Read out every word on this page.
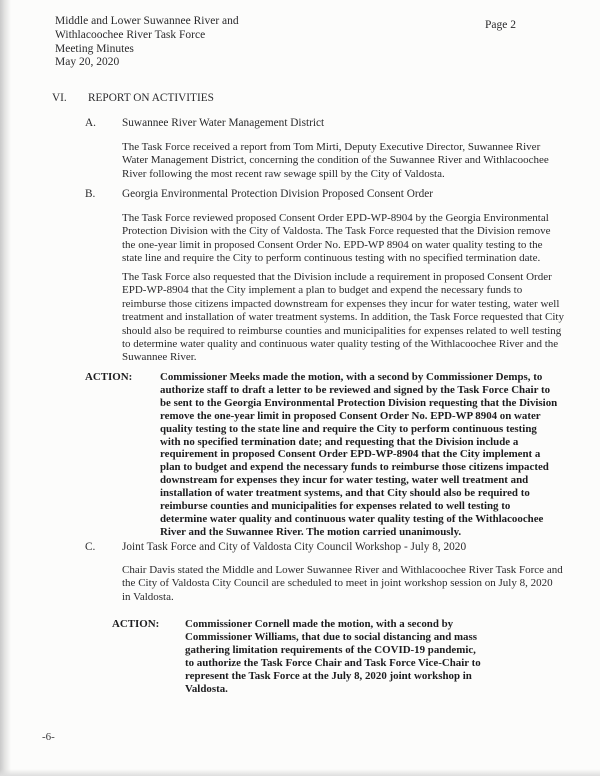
Middle and Lower Suwannee River and
Withlacoochee River Task Force
Meeting Minutes
May 20, 2020
Page 2
VI.	REPORT ON ACTIVITIES
A.	Suwannee River Water Management District

The Task Force received a report from Tom Mirti, Deputy Executive Director, Suwannee River Water Management District, concerning the condition of the Suwannee River and Withlacoochee River following the most recent raw sewage spill by the City of Valdosta.

B.	Georgia Environmental Protection Division Proposed Consent Order

The Task Force reviewed proposed Consent Order EPD-WP-8904 by the Georgia Environmental Protection Division with the City of Valdosta. The Task Force requested that the Division remove the one-year limit in proposed Consent Order No. EPD-WP 8904 on water quality testing to the state line and require the City to perform continuous testing with no specified termination date.

The Task Force also requested that the Division include a requirement in proposed Consent Order EPD-WP-8904 that the City implement a plan to budget and expend the necessary funds to reimburse those citizens impacted downstream for expenses they incur for water testing, water well treatment and installation of water treatment systems. In addition, the Task Force requested that City should also be required to reimburse counties and municipalities for expenses related to well testing to determine water quality and continuous water quality testing of the Withlacoochee River and the Suwannee River.

ACTION:	Commissioner Meeks made the motion, with a second by Commissioner Demps, to authorize staff to draft a letter to be reviewed and signed by the Task Force Chair to be sent to the Georgia Environmental Protection Division requesting that the Division remove the one-year limit in proposed Consent Order No. EPD-WP 8904 on water quality testing to the state line and require the City to perform continuous testing with no specified termination date; and requesting that the Division include a requirement in proposed Consent Order EPD-WP-8904 that the City implement a plan to budget and expend the necessary funds to reimburse those citizens impacted downstream for expenses they incur for water testing, water well treatment and installation of water treatment systems, and that City should also be required to reimburse counties and municipalities for expenses related to well testing to determine water quality and continuous water quality testing of the Withlacoochee River and the Suwannee River. The motion carried unanimously.
C.	Joint Task Force and City of Valdosta City Council Workshop - July 8, 2020

Chair Davis stated the Middle and Lower Suwannee River and Withlacoochee River Task Force and the City of Valdosta City Council are scheduled to meet in joint workshop session on July 8, 2020 in Valdosta.

ACTION:	Commissioner Cornell made the motion, with a second by Commissioner Williams, that due to social distancing and mass gathering limitation requirements of the COVID-19 pandemic, to authorize the Task Force Chair and Task Force Vice-Chair to represent the Task Force at the July 8, 2020 joint workshop in Valdosta.
-6-
